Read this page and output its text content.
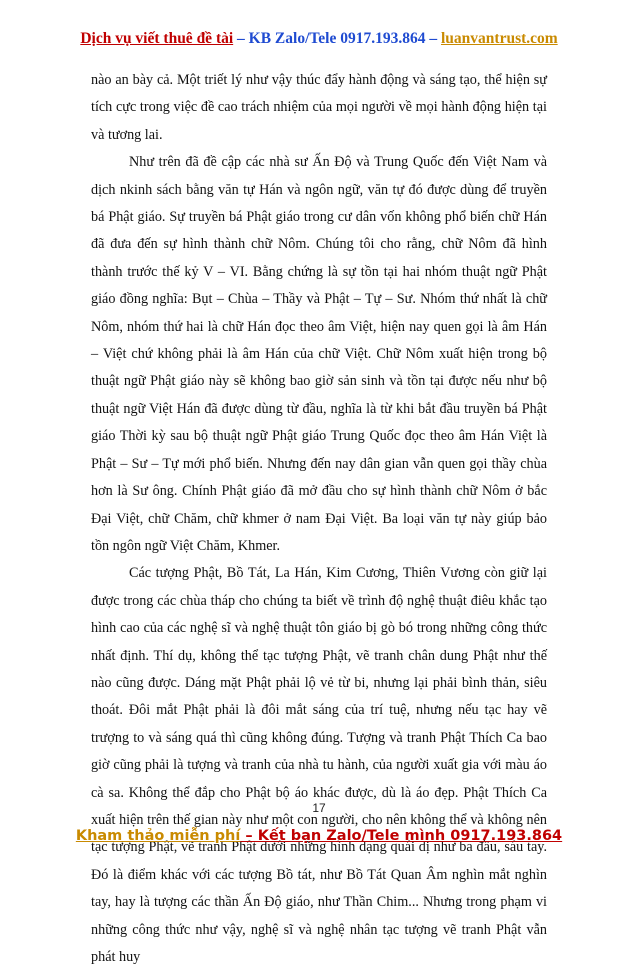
Dịch vụ viết thuê đề tài – KB Zalo/Tele 0917.193.864 – luanvantrust.com

nào an bày cả. Một triết lý như vậy thúc đẩy hành động và sáng tạo, thể hiện sự tích cực trong việc đề cao trách nhiệm của mọi người về mọi hành động hiện tại và tương lai.

Như trên đã đề cập các nhà sư Ấn Độ và Trung Quốc đến Việt Nam và dịch nkinh sách bằng văn tự Hán và ngôn ngữ, văn tự đó được dùng để truyền bá Phật giáo. Sự truyền bá Phật giáo trong cư dân vốn không phổ biến chữ Hán đã đưa đến sự hình thành chữ Nôm. Chúng tôi cho rằng, chữ Nôm đã hình thành trước thế kỷ V – VI. Bằng chứng là sự tồn tại hai nhóm thuật ngữ Phật giáo đồng nghĩa: Bụt – Chùa – Thầy và Phật – Tự – Sư. Nhóm thứ nhất là chữ Nôm, nhóm thứ hai là chữ Hán đọc theo âm Việt, hiện nay quen gọi là âm Hán – Việt chứ không phải là âm Hán của chữ Việt. Chữ Nôm xuất hiện trong bộ thuật ngữ Phật giáo này sẽ không bao giờ sản sinh và tồn tại được nếu như bộ thuật ngữ Việt Hán đã được dùng từ đầu, nghĩa là từ khi bắt đầu truyền bá Phật giáo Thời kỳ sau bộ thuật ngữ Phật giáo Trung Quốc đọc theo âm Hán Việt là Phật – Sư – Tự mới phổ biến. Nhưng đến nay dân gian vẫn quen gọi thầy chùa hơn là Sư ông. Chính Phật giáo đã mở đầu cho sự hình thành chữ Nôm ở bắc Đại Việt, chữ Chăm, chữ khmer ở nam Đại Việt. Ba loại văn tự này giúp bảo tồn ngôn ngữ Việt Chăm, Khmer.

Các tượng Phật, Bồ Tát, La Hán, Kim Cương, Thiên Vương còn giữ lại được trong các chùa tháp cho chúng ta biết về trình độ nghệ thuật điêu khắc tạo hình cao của các nghệ sĩ và nghệ thuật tôn giáo bị gò bó trong những công thức nhất định. Thí dụ, không thể tạc tượng Phật, vẽ tranh chân dung Phật như thế nào cũng được. Dáng mặt Phật phải lộ vẻ từ bi, nhưng lại phải bình thản, siêu thoát. Đôi mắt Phật phải là đôi mắt sáng của trí tuệ, nhưng nếu tạc hay vẽ trượng to và sáng quá thì cũng không đúng. Tượng và tranh Phật Thích Ca bao giờ cũng phải là tượng và tranh của nhà tu hành, của người xuất gia với màu áo cà sa. Không thể đắp cho Phật bộ áo khác được, dù là áo đẹp. Phật Thích Ca xuất hiện trên thế gian này như một con người, cho nên không thể và không nên tạc tượng Phật, vẽ tranh Phật dưới những hình dạng quái dị như ba đầu, sáu tay. Đó là điểm khác với các tượng Bồ tát, như Bồ Tát Quan Âm nghìn mắt nghìn tay, hay là tượng các thần Ấn Độ giáo, như Thần Chim... Nhưng trong phạm vi những công thức như vậy, nghệ sĩ và nghệ nhân tạc tượng vẽ tranh Phật vẫn phát huy

17
Kham thảo miễn phí – Kết bạn Zalo/Tele mình 0917.193.864
